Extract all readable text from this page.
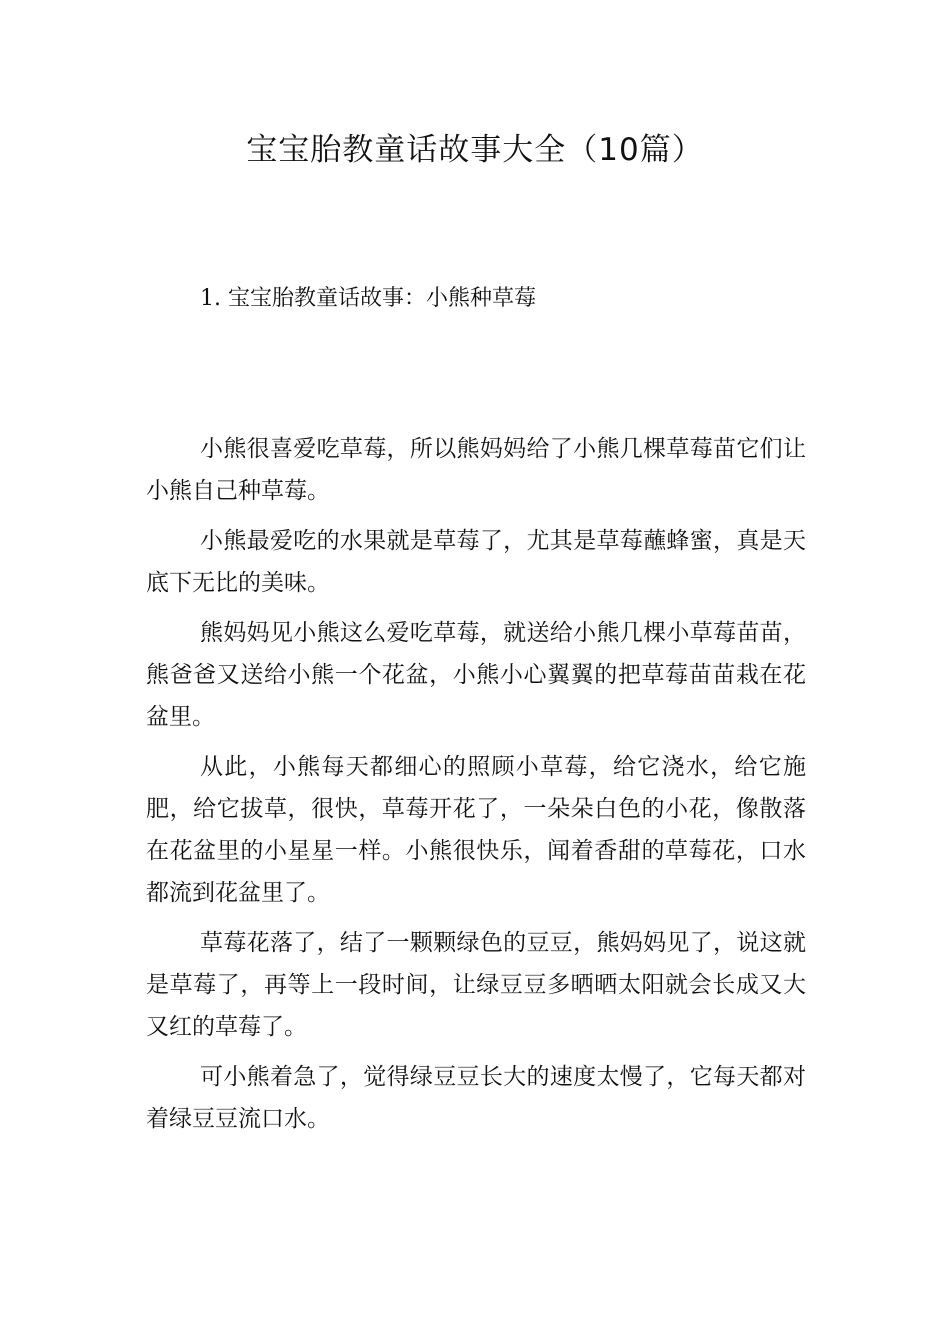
宝宝胎教童话故事大全（10篇）
1. 宝宝胎教童话故事：小熊种草莓

小熊很喜爱吃草莓，所以熊妈妈给了小熊几棵草莓苗它们让小熊自己种草莓。

小熊最爱吃的水果就是草莓了，尤其是草莓蘸蜂蜜，真是天底下无比的美味。

熊妈妈见小熊这么爱吃草莓，就送给小熊几棵小草莓苗苗，熊爸爸又送给小熊一个花盆，小熊小心翼翼的把草莓苗苗栽在花盆里。

从此，小熊每天都细心的照顾小草莓，给它浇水，给它施肥，给它拔草，很快，草莓开花了，一朵朵白色的小花，像散落在花盆里的小星星一样。小熊很快乐，闻着香甜的草莓花，口水都流到花盆里了。

草莓花落了，结了一颗颗绿色的豆豆，熊妈妈见了，说这就是草莓了，再等上一段时间，让绿豆豆多晒晒太阳就会长成又大又红的草莓了。

可小熊着急了，觉得绿豆豆长大的速度太慢了，它每天都对着绿豆豆流口水。
